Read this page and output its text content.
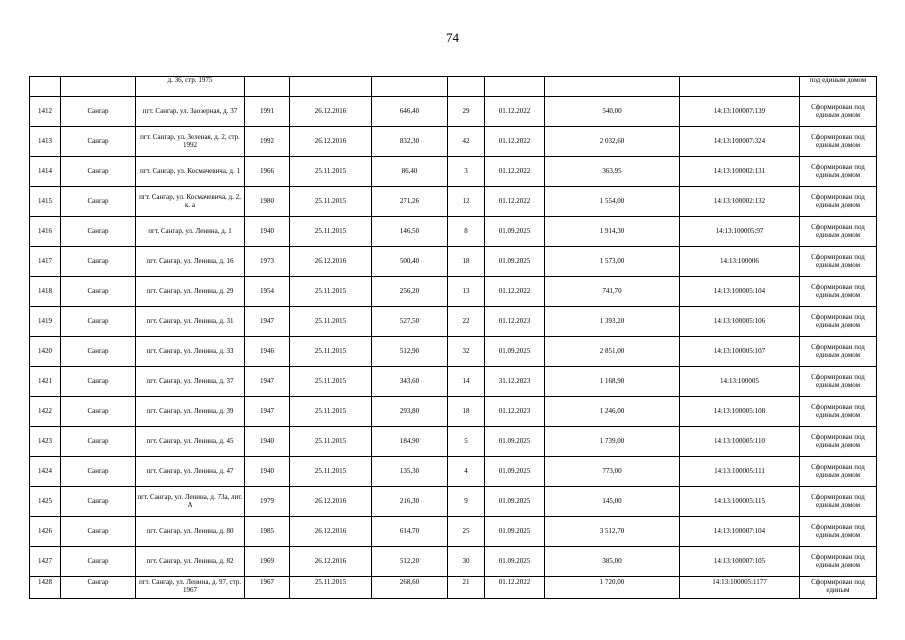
74
		д. 36, стр. 1975								под единым домом
1412	Сангар	пгт. Сангар, ул. Заозерная, д. 37	1991	26.12.2016	646,40	29	01.12.2022	540,00	14:13:100007:139	Сформирован под единым домом
1413	Сангар	пгт. Сангар, ул. Зеленая, д. 2, стр. 1992	1992	26.12.2016	832,30	42	01.12.2022	2 032,60	14:13:100007:324	Сформирован под единым домом
1414	Сангар	пгт. Сангар, ул. Космачевича, д. 1	1966	25.11.2015	86,40	3	01.12.2022	363,95	14:13:100002:131	Сформирован под единым домом
1415	Сангар	пгт. Сангар, ул. Космачевича, д. 2, к. а	1980	25.11.2015	271,26	12	01.12.2022	1 554,00	14:13:100002:132	Сформирован под единым домом
1416	Сангар	пгт. Сангар, ул. Ленина, д. 1	1940	25.11.2015	146,50	8	01.09.2025	1 914,30	14:13:100005:97	Сформирован под единым домом
1417	Сангар	пгт. Сангар, ул. Ленина, д. 16	1973	26.12.2016	500,40	18	01.09.2025	1 573,00	14:13:100006	Сформирован под единым домом
1418	Сангар	пгт. Сангар, ул. Ленина, д. 29	1954	25.11.2015	256,20	13	01.12.2022	741,70	14:13:100005:104	Сформирован под единым домом
1419	Сангар	пгт. Сангар, ул. Ленина, д. 31	1947	25.11.2015	527,50	22	01.12.2023	1 393,20	14:13:100005:106	Сформирован под единым домом
1420	Сангар	пгт. Сангар, ул. Ленина, д. 33	1946	25.11.2015	512,90	32	01.09.2025	2 851,00	14:13:100005:107	Сформирован под единым домом
1421	Сангар	пгт. Сангар, ул. Ленина, д. 37	1947	25.11.2015	343,60	14	31.12.2023	1 168,90	14:13:100005	Сформирован под единым домом
1422	Сангар	пгт. Сангар, ул. Ленина, д. 39	1947	25.11.2015	293,80	18	01.12.2023	1 246,00	14:13:100005:108	Сформирован под единым домом
1423	Сангар	пгт. Сангар, ул. Ленина, д. 45	1940	25.11.2015	184,90	5	01.09.2025	1 739,00	14:13:100005:110	Сформирован под единым домом
1424	Сангар	пгт. Сангар, ул. Ленина, д. 47	1940	25.11.2015	135,30	4	01.09.2025	773,00	14:13:100005:111	Сформирован под единым домом
1425	Сангар	пгт. Сангар, ул. Ленина, д. 73а, лит. А	1979	26.12.2016	216,30	9	01.09.2025	145,00	14:13:100005:115	Сформирован под единым домом
1426	Сангар	пгт. Сангар, ул. Ленина, д. 80	1985	26.12.2016	614,70	25	01.09.2025	3 512,70	14:13:100007:104	Сформирован под единым домом
1427	Сангар	пгт. Сангар, ул. Ленина, д. 82	1969	26.12.2016	512,20	30	01.09.2025	385,00	14:13:100007:105	Сформирован под единым домом
1428	Сангар	пгт. Сангар, ул. Ленина, д. 97, стр. 1967	1967	25.11.2015	268,60	21	01.12.2022	1 720,00	14:13:100005:1177	Сформирован под единым
